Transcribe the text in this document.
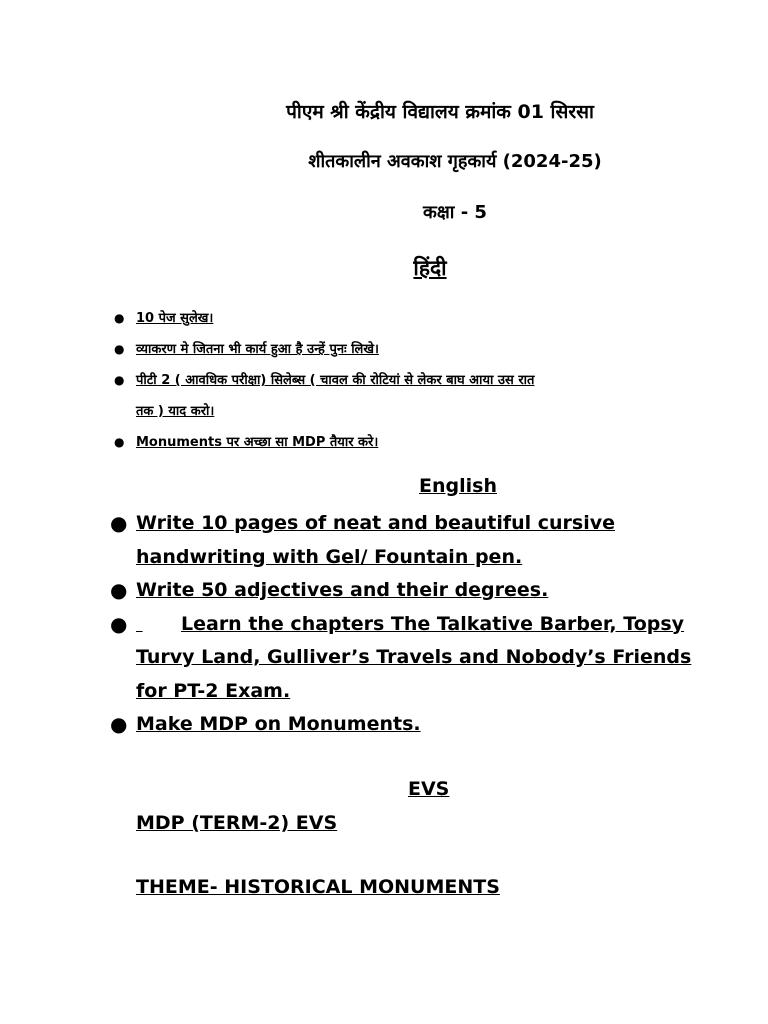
पीएम श्री केंद्रीय विद्यालय क्रमांक 01 सिरसा
शीतकालीन अवकाश गृहकार्य (2024-25)
कक्षा - 5
हिंदी
● 10 पेज सुलेख।
● व्याकरण मे जितना भी कार्य हुआ है उन्हें पुनः लिखे।
● पीटी 2 ( आवधिक परीक्षा) सिलेब्स ( चावल की रोटियां से लेकर बाघ आया उस रात
तक ) याद करो।
● Monuments पर अच्छा सा MDP तैयार करे।
English
● Write 10 pages of neat and beautiful cursive handwriting with Gel/ Fountain pen.
● Write 50 adjectives and their degrees.
●	Learn the chapters The Talkative Barber, Topsy Turvy Land, Gulliver’s Travels and Nobody’s Friends for PT-2 Exam.
● Make MDP on Monuments.
EVS
MDP (TERM-2) EVS
THEME- HISTORICAL MONUMENTS
